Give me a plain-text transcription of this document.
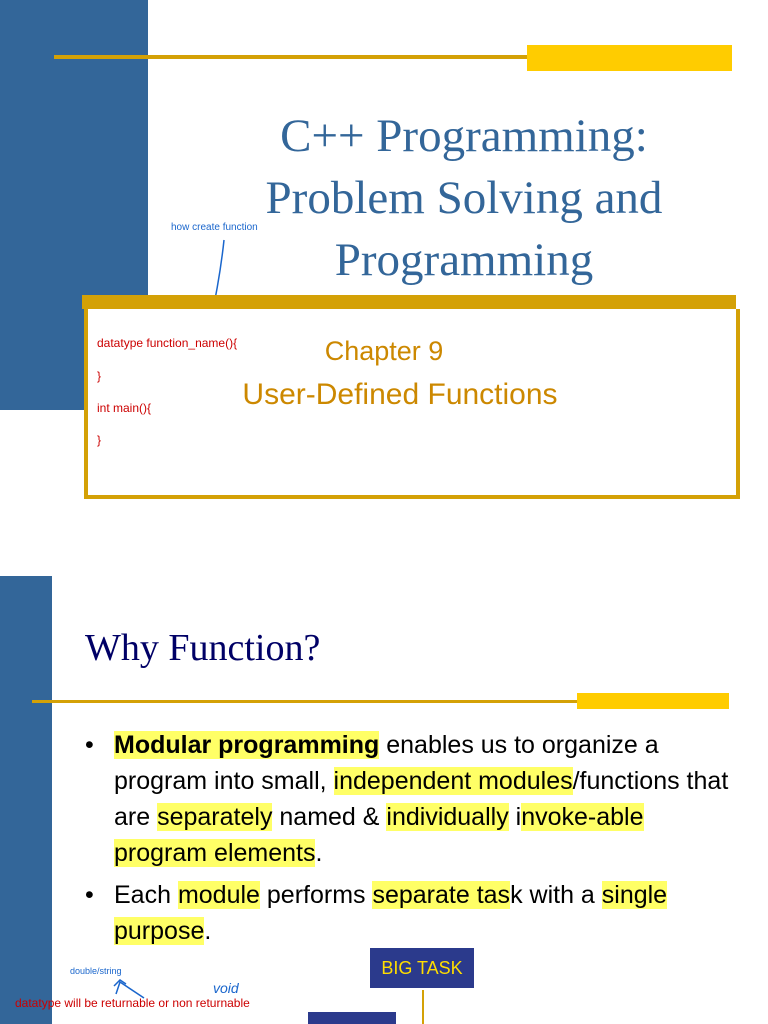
C++ Programming:
Problem Solving and
Programming
how create function
datatype function_name(){
}
int main(){
}
Chapter 9
User-Defined Functions
Why Function?
• Modular programming enables us to organize a program into small, independent modules/functions that are separately named & individually invoke-able program elements.
• Each module performs separate task with a single purpose.
BIG TASK
double/string
void
datatype will be returnable or non returnable
